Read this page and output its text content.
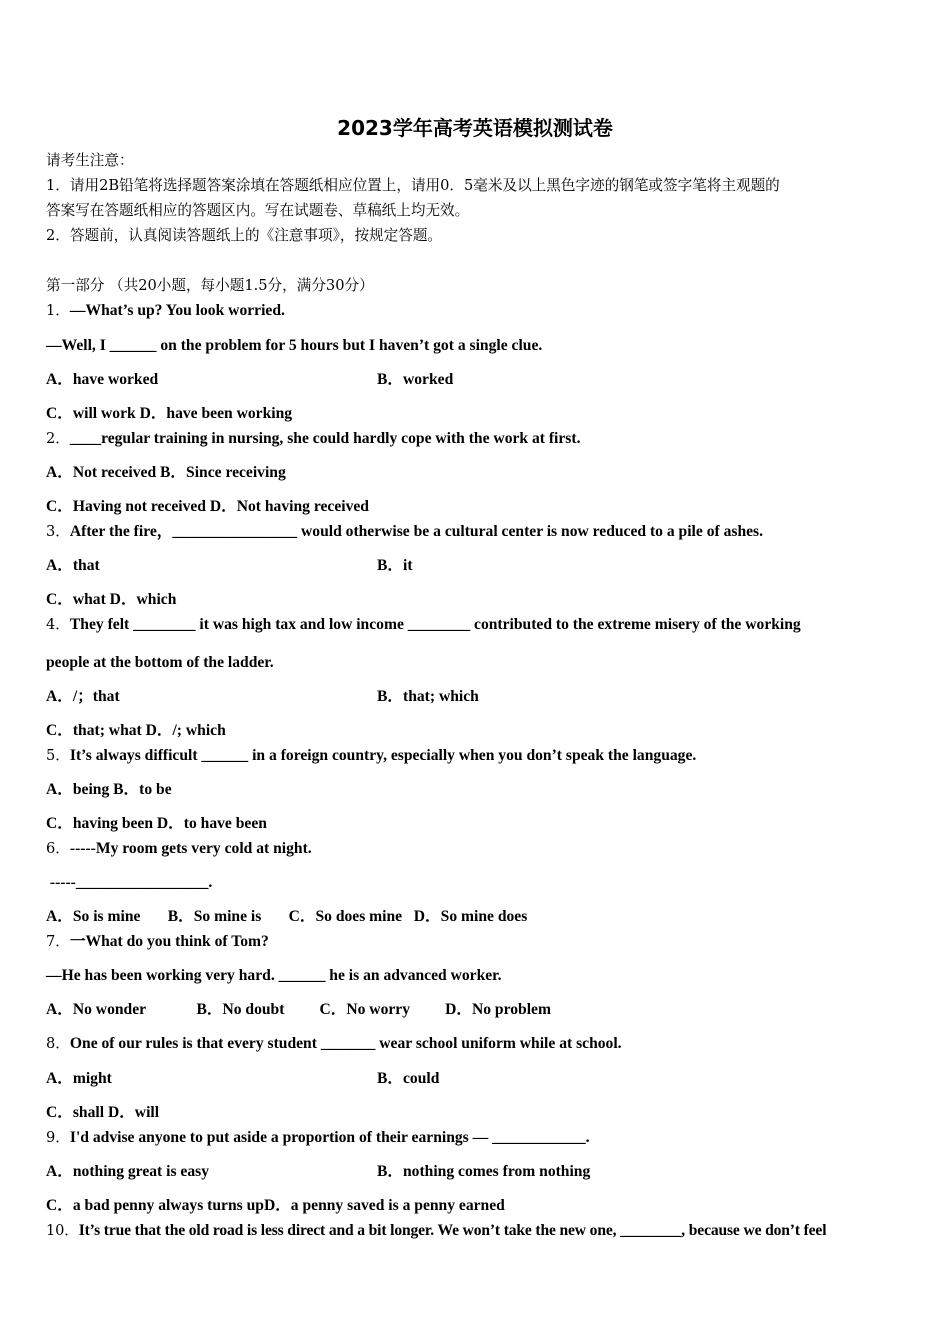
2023学年高考英语模拟测试卷
请考生注意：
1．请用2B铅笔将选择题答案涂填在答题纸相应位置上，请用0．5毫米及以上黑色字迹的钢笔或签字笔将主观题的
答案写在答题纸相应的答题区内。写在试题卷、草稿纸上均无效。
2．答题前，认真阅读答题纸上的《注意事项》，按规定答题。
第一部分 （共20小题，每小题1.5分，满分30分）
1．—What’s up? You look worried.
—Well, I ______ on the problem for 5 hours but I haven’t got a single clue.
A．have worked	B．worked
C．will work D．have been working
2．____regular training in nursing, she could hardly cope with the work at first.
A．Not received B．Since receiving
C．Having not received D．Not having received
3．After the fire，________________ would otherwise be a cultural center is now reduced to a pile of ashes.
A．that	B．it
C．what D．which
4．They felt ________ it was high tax and low income ________ contributed to the extreme misery of the working
people at the bottom of the ladder.
A．/；that	B．that; which
C．that; what D．/; which
5．It’s always difficult ______ in a foreign country, especially when you don’t speak the language.
A．being B．to be
C．having been D．to have been
6．-----My room gets very cold at night.
-----_________________.
A．So is mine       B．So mine is       C．So does mine   D．So mine does
7．一What do you think of Tom?
—He has been working very hard. ______ he is an advanced worker.
A．No wonder             B．No doubt         C．No worry         D．No problem
8．One of our rules is that every student _______ wear school uniform while at school.
A．might	B．could
C．shall D．will
9．I'd advise anyone to put aside a proportion of their earnings — ____________.
A．nothing great is easy	B．nothing comes from nothing
C．a bad penny always turns upD．a penny saved is a penny earned
10．It’s true that the old road is less direct and a bit longer. We won’t take the new one, ________, because we don’t feel
